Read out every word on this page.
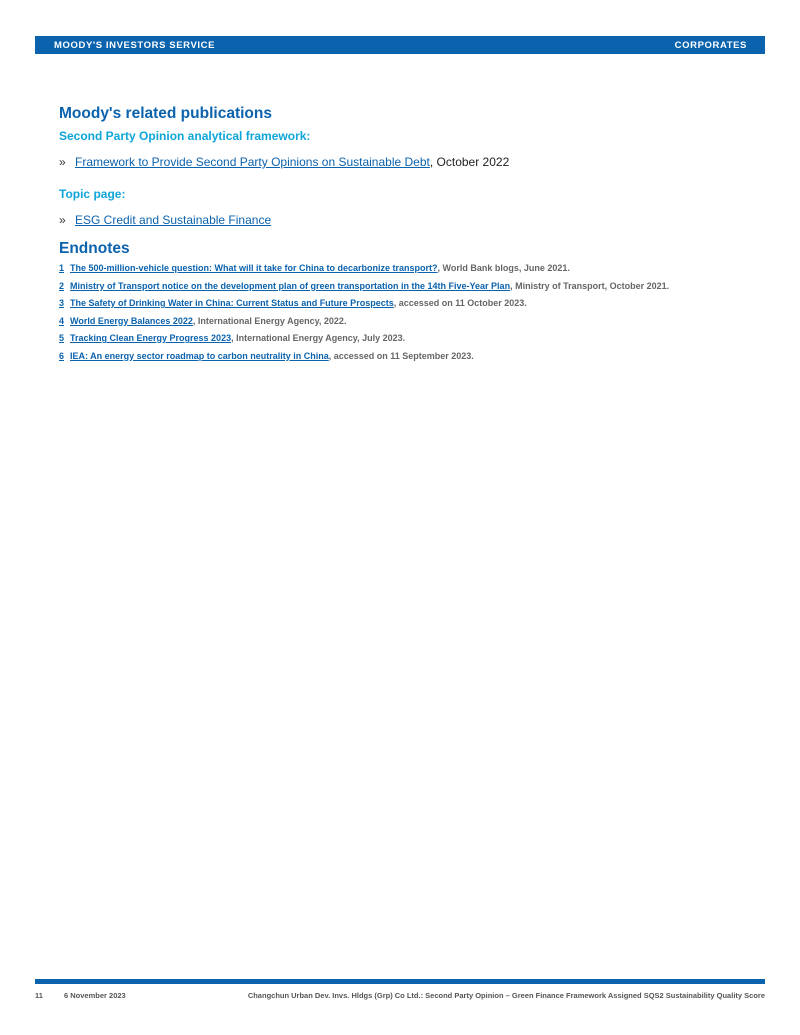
MOODY'S INVESTORS SERVICE	CORPORATES
Moody's related publications
Second Party Opinion analytical framework:
» Framework to Provide Second Party Opinions on Sustainable Debt, October 2022
Topic page:
» ESG Credit and Sustainable Finance
Endnotes
1 The 500-million-vehicle question: What will it take for China to decarbonize transport?, World Bank blogs, June 2021.
2 Ministry of Transport notice on the development plan of green transportation in the 14th Five-Year Plan, Ministry of Transport, October 2021.
3 The Safety of Drinking Water in China: Current Status and Future Prospects, accessed on 11 October 2023.
4 World Energy Balances 2022, International Energy Agency, 2022.
5 Tracking Clean Energy Progress 2023, International Energy Agency, July 2023.
6 IEA: An energy sector roadmap to carbon neutrality in China, accessed on 11 September 2023.
11	6 November 2023	Changchun Urban Dev. Invs. Hldgs (Grp) Co Ltd.: Second Party Opinion – Green Finance Framework Assigned SQS2 Sustainability Quality Score
